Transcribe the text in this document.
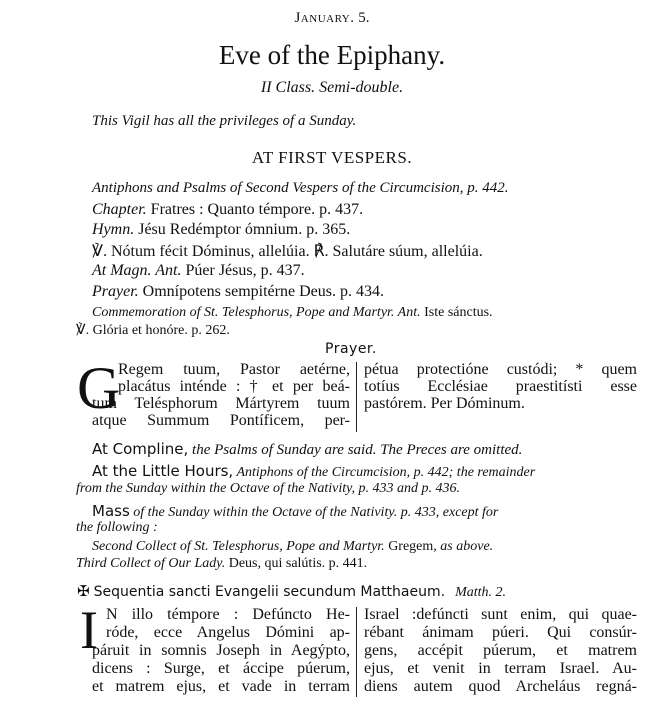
January. 5.
Eve of the Epiphany.
II Class. Semi-double.
This Vigil has all the privileges of a Sunday.
AT FIRST VESPERS.
Antiphons and Psalms of Second Vespers of the Circumcision, p. 442.
Chapter. Fratres : Quanto témpore. p. 437.
Hymn. Jésu Redémptor ómnium. p. 365.
℣. Nótum fécit Dóminus, allelúia. ℟. Salutáre súum, allelúia.
At Magn. Ant. Púer Jésus, p. 437.
Prayer. Omnípotens sempitérne Deus. p. 434.
Commemoration of St. Telesphorus, Pope and Martyr. Ant. Iste sánctus.
℣. Glória et honóre. p. 262.
Prayer.
G
Regem tuum, Pastor aetérne,
placátus inténde : † et per beá-
tum Telésphorum Mártyrem tuum
atque Summum Pontíficem, per-
pétua protectióne custódi; * quem
totíus Ecclésiae praestitísti esse
pastórem. Per Dóminum.
At Compline, the Psalms of Sunday are said. The Preces are omitted.
At the Little Hours, Antiphons of the Circumcision, p. 442; the remainder
from the Sunday within the Octave of the Nativity, p. 433 and p. 436.
Mass of the Sunday within the Octave of the Nativity. p. 433, except for
the following :
Second Collect of St. Telesphorus, Pope and Martyr. Gregem, as above.
Third Collect of Our Lady. Deus, qui salútis. p. 441.
✠ Sequentia sancti Evangelii secundum Matthaeum. Matth. 2.
I N illo témpore : Defúncto He-
róde, ecce Angelus Dómini ap-
páruit in somnis Joseph in Aegýpto,
dicens : Surge, et áccipe púerum,
et matrem ejus, et vade in terram
Israel :defúncti sunt enim, qui quae-
rébant ánimam púeri. Qui consúr-
gens, accépit púerum, et matrem
ejus, et venit in terram Israel. Au-
diens autem quod Archeláus regná-
